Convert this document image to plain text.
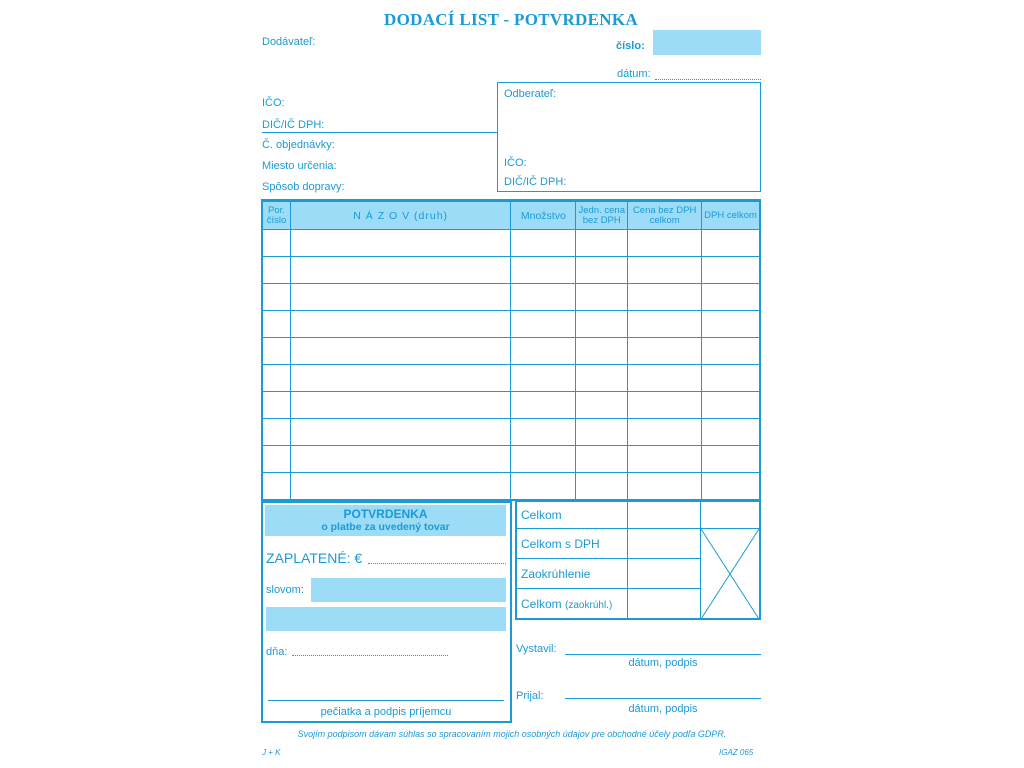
DODACÍ LIST - POTVRDENKA
Dodávateľ:
IČO:
DIČ/IČ DPH:
Č. objednávky:
Miesto určenia:
Spôsob dopravy:
číslo:
dátum:
Odberateľ:
IČO:
DIČ/IČ DPH:
Por. číslo	N Á Z O V (druh)	Množstvo	Jedn. cena bez DPH	Cena bez DPH celkom	DPH celkom

POTVRDENKA
o platbe za uvedený tovar
ZAPLATENÉ: €
slovom:
dňa:
pečiatka a podpis príjemcu
Celkom		
Celkom s DPH		

Zaokrúhlenie		
Celkom (zaokrúhl.)		
Vystavil:
dátum, podpis
Prijal:
dátum, podpis
Svojím podpisom dávam súhlas so spracovaním mojich osobných údajov pre obchodné účely podľa GDPR.
J + K	IGAZ 065
